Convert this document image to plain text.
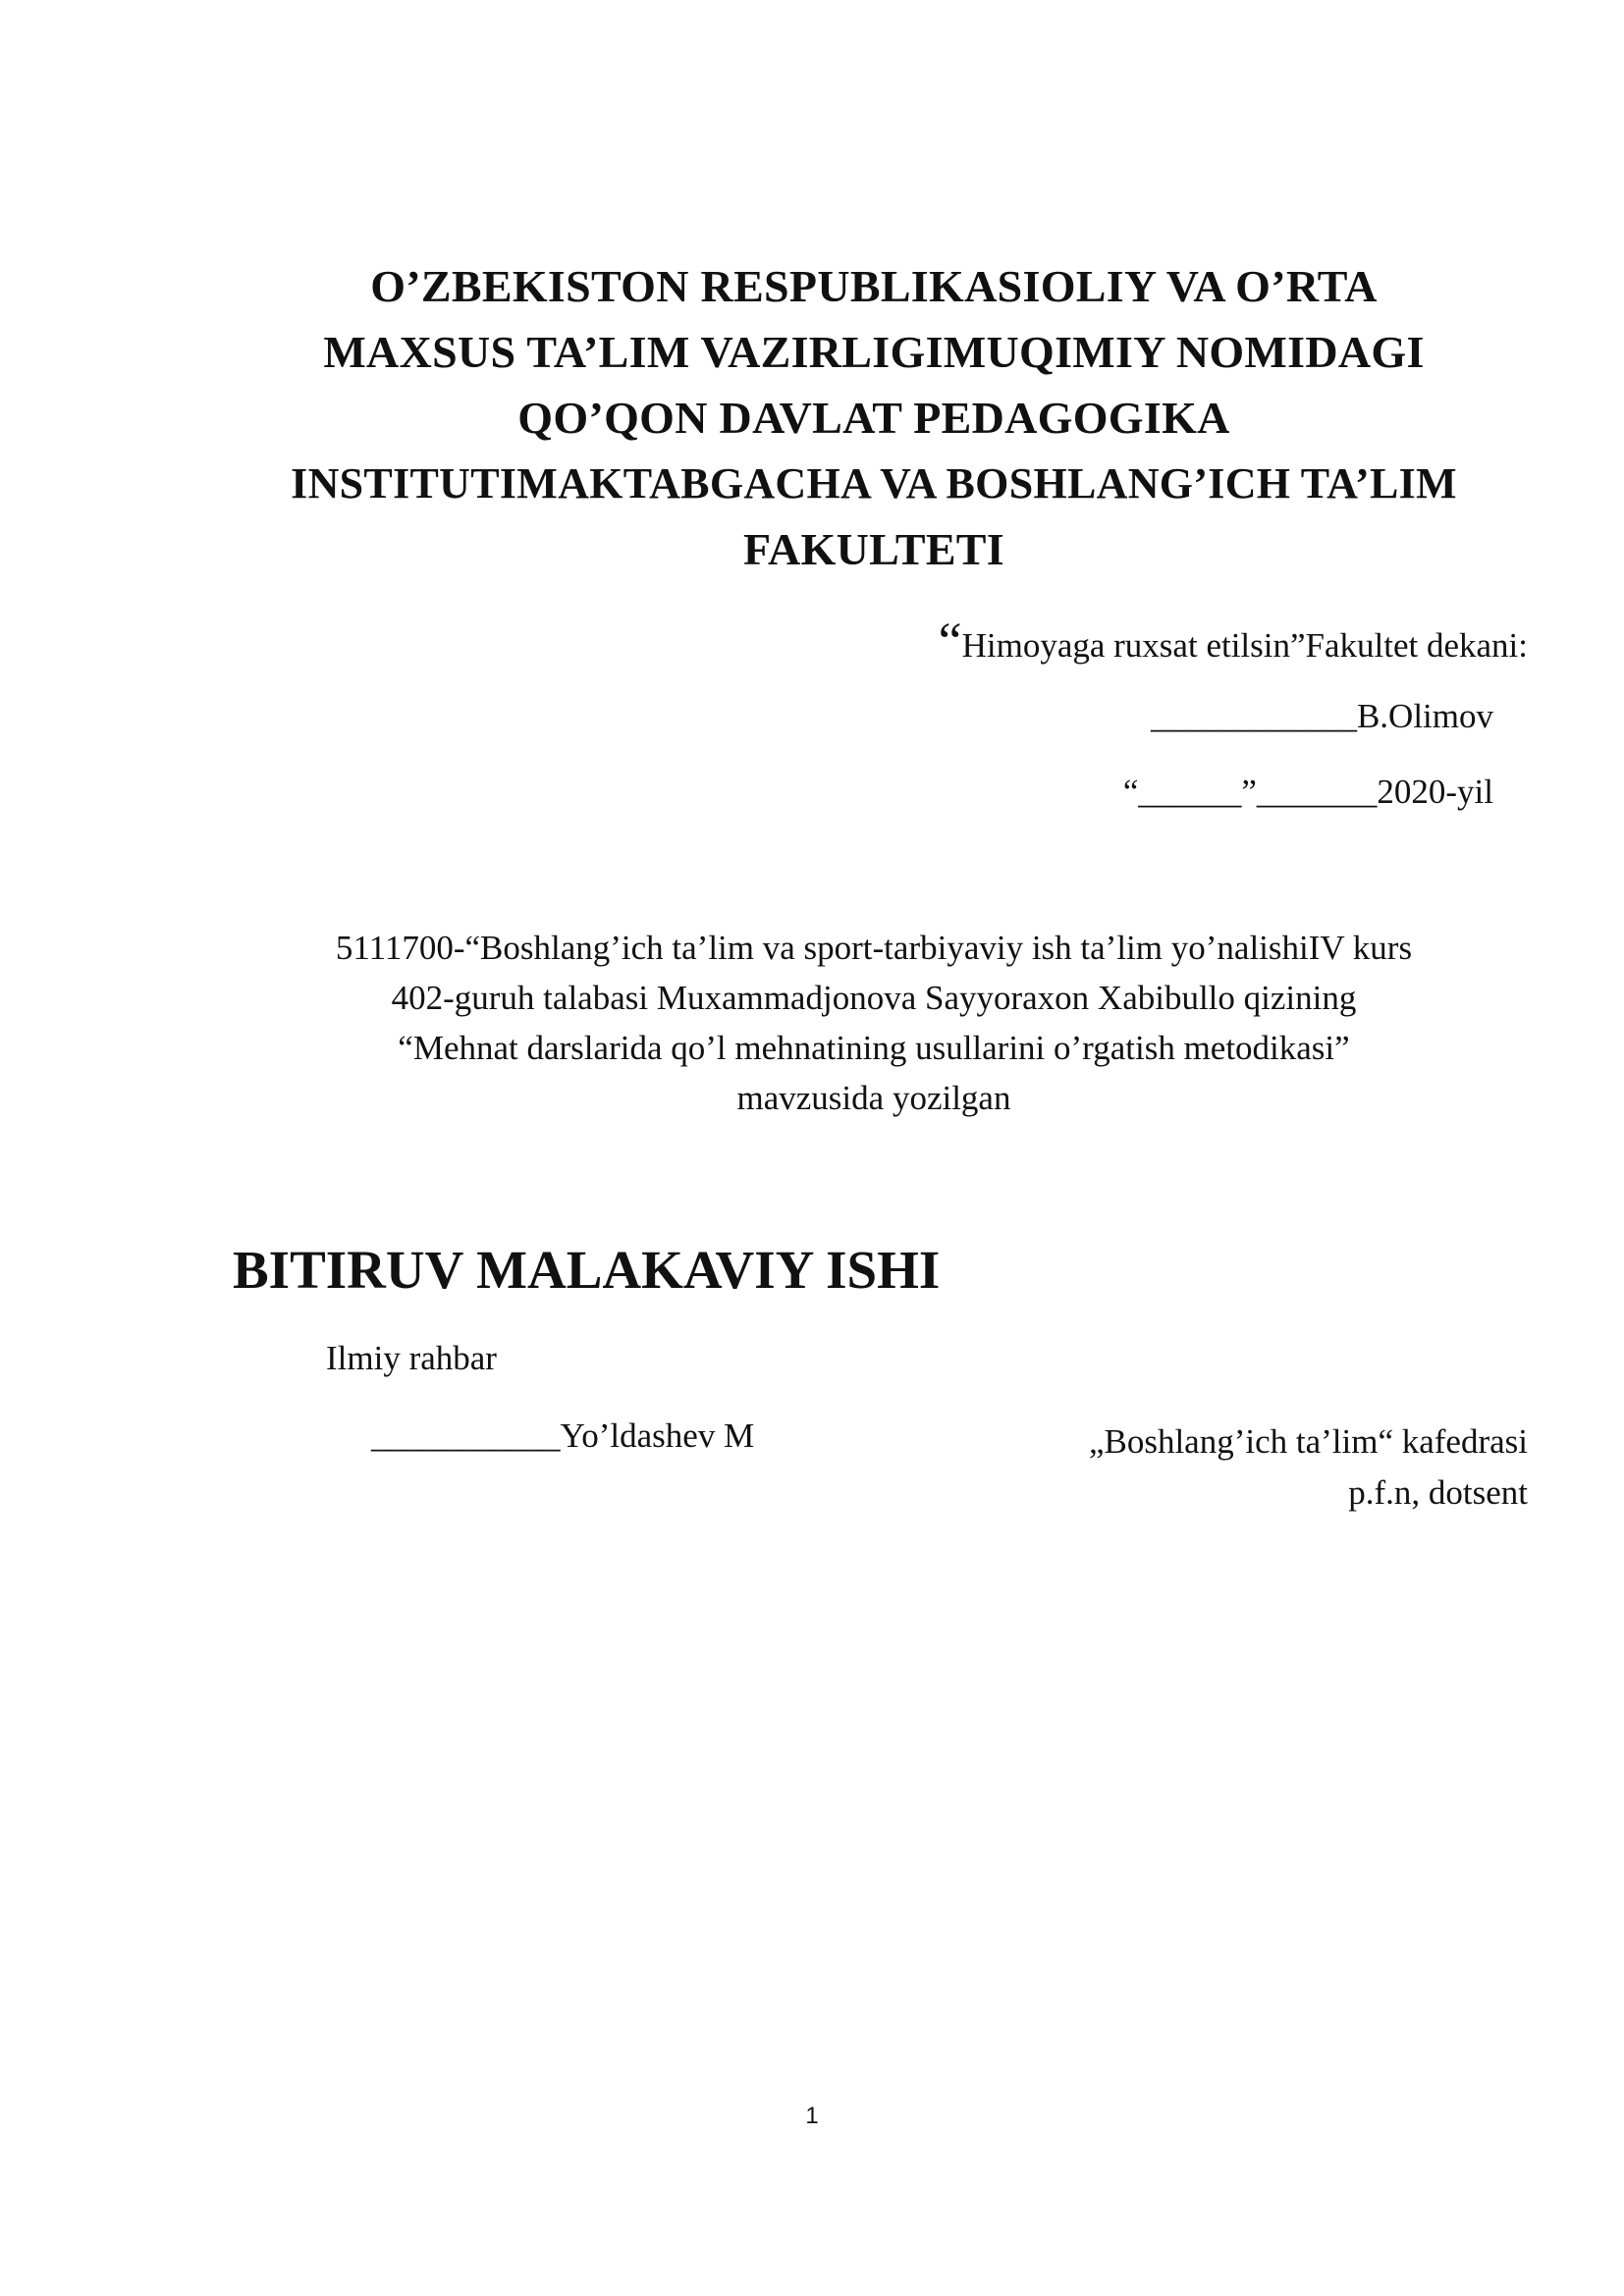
O’ZBEKISTON RESPUBLIKASIOLIY VA O’RTA
MAXSUS TA’LIM VAZIRLIGIMUQIMIY NOMIDAGI
QO’QON DAVLAT PEDAGOGIKA
INSTITUTIMAKTABGACHA VA BOSHLANG’ICH TA’LIM
FAKULTETI
“Himoyaga ruxsat etilsin”Fakultet dekani:
____________B.Olimov
“______”_______2020-yil
5111700-“Boshlang’ich ta’lim va sport-tarbiyaviy ish ta’lim yo’nalishiIV kurs
402-guruh talabasi Muxammadjonova Sayyoraxon Xabibullo qizining
“Mehnat darslarida qo’l mehnatining usullarini o’rgatish metodikasi”
mavzusida yozilgan
BITIRUV MALAKAVIY ISHI
Ilmiy rahbar
___________Yo’ldashev M	„Boshlang’ich ta’lim“ kafedrasi
p.f.n, dotsent
1
